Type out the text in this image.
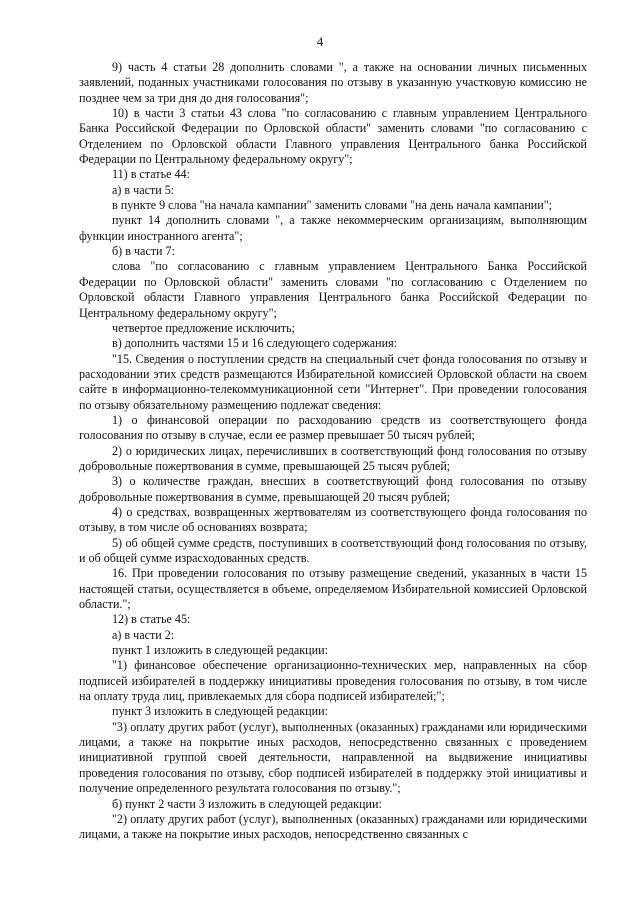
4

9) часть 4 статьи 28 дополнить словами ", а также на основании личных письменных заявлений, поданных участниками голосования по отзыву в указанную участковую комиссию не позднее чем за три дня до дня голосования";

10) в части 3 статьи 43 слова "по согласованию с главным управлением Центрального Банка Российской Федерации по Орловской области" заменить словами "по согласованию с Отделением по Орловской области Главного управления Центрального банка Российской Федерации по Центральному федеральному округу";

11) в статье 44:

а) в части 5:

в пункте 9 слова "на начала кампании" заменить словами "на день начала кампании";

пункт 14 дополнить словами ", а также некоммерческим организациям, выполняющим функции иностранного агента";

б) в части 7:

слова "по согласованию с главным управлением Центрального Банка Российской Федерации по Орловской области" заменить словами "по согласованию с Отделением по Орловской области Главного управления Центрального банка Российской Федерации по Центральному федеральному округу";

четвертое предложение исключить;

в) дополнить частями 15 и 16 следующего содержания:

"15. Сведения о поступлении средств на специальный счет фонда голосования по отзыву и расходовании этих средств размещаются Избирательной комиссией Орловской области на своем сайте в информационно-телекоммуникационной сети "Интернет". При проведении голосования по отзыву обязательному размещению подлежат сведения:

1) о финансовой операции по расходованию средств из соответствующего фонда голосования по отзыву в случае, если ее размер превышает 50 тысяч рублей;

2) о юридических лицах, перечисливших в соответствующий фонд голосования по отзыву добровольные пожертвования в сумме, превышающей 25 тысяч рублей;

3) о количестве граждан, внесших в соответствующий фонд голосования по отзыву добровольные пожертвования в сумме, превышающей 20 тысяч рублей;

4) о средствах, возвращенных жертвователям из соответствующего фонда голосования по отзыву, в том числе об основаниях возврата;

5) об общей сумме средств, поступивших в соответствующий фонд голосования по отзыву, и об общей сумме израсходованных средств.

16. При проведении голосования по отзыву размещение сведений, указанных в части 15 настоящей статьи, осуществляется в объеме, определяемом Избирательной комиссией Орловской области.";

12) в статье 45:

а) в части 2:

пункт 1 изложить в следующей редакции:

"1) финансовое обеспечение организационно-технических мер, направленных на сбор подписей избирателей в поддержку инициативы проведения голосования по отзыву, в том числе на оплату труда лиц, привлекаемых для сбора подписей избирателей;";

пункт 3 изложить в следующей редакции:

"3) оплату других работ (услуг), выполненных (оказанных) гражданами или юридическими лицами, а также на покрытие иных расходов, непосредственно связанных с проведением инициативной группой своей деятельности, направленной на выдвижение инициативы проведения голосования по отзыву, сбор подписей избирателей в поддержку этой инициативы и получение определенного результата голосования по отзыву.";

б) пункт 2 части 3 изложить в следующей редакции:

"2) оплату других работ (услуг), выполненных (оказанных) гражданами или юридическими лицами, а также на покрытие иных расходов, непосредственно связанных с
